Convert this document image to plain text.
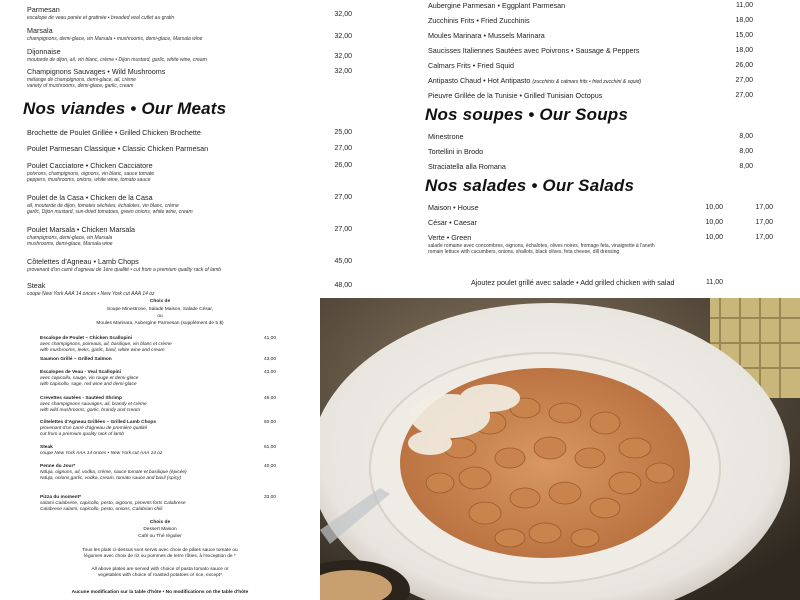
Parmesan
escalope de veau panée et gratinée • breaded veal cutlet au gratin	32,00
Marsala
champignons, demi-glace, vin Marsala • mushrooms, demi-glace, Marsala wine	32,00
Dijonnaise
moutarde de dijon, ail, vin blanc, crème • Dijon mustard, garlic, white wine, cream	32,00
Champignons Sauvages • Wild Mushrooms
mélange de champignons, demi-glace, ail, crème
variety of mushrooms, demi-glace, garlic, cream
32,00
Nos viandes • Our Meats
Brochette de Poulet Grillée • Grilled Chicken Brochette	25,00
Poulet Parmesan Classique • Classic Chicken Parmesan	27,00
Poulet Cacciatore • Chicken Cacciatore
poivrons, champignons, oignons, vin blanc, sauce tomate
peppers, mushrooms, onions, white wine, tomato sauce
26,00
Poulet de la Casa • Chicken de la Casa
ail, moutarde de dijon, tomates séchées, échalotes, vin blanc, crème
garlic, Dijon mustard, sun-dried tomatoes, green onions, white wine, cream
27,00
Poulet Marsala • Chicken Marsala
champignons, demi-glace, vin Marsala
mushrooms, demi-glace, Marsala wine
27,00
Côtelettes d'Agneau • Lamb Chops
provenant d'un carré d'agneau de 1ère qualité • cut from a premium quality rack of lamb
45,00
Steak
coupe New York AAA 14 onces • New York cut AAA 14 oz
48,00
Aubergine Parmesan • Eggplant Parmesan	11,00
Zucchinis Frits • Fried Zucchinis	18,00
Moules Marinara • Mussels Marinara	15,00
Saucisses Italiennes Sautées avec Poivrons • Sausage & Peppers	18,00
Calmars Frits • Fried Squid	26,00
Antipasto Chaud • Hot Antipasto (zucchinis & calmars frits • fried zucchini & squid)	27,00
Pieuvre Grillée de la Tunisie • Grilled Tunisian Octopus	27,00
Nos soupes • Our Soups
Minestrone	8,00
Tortellini in Brodo	8,00
Straciatella alla Romana	8,00
Nos salades • Our Salads
Maison • House	10,00	17,00
César • Caesar	10,00	17,00
Verte • Green
salade romaine avec concombres, oignons, échalotes, olives noires, fromage feta, vinaigrette à l'aneth
romain lettuce with cucumbers, onions, shallots, black olives, feta cheese, dill dressing
10,00	17,00
Ajoutez poulet grillé avec salade • Add grilled chicken with salad	11,00
Choix de
Soupe Minestrone, Salade Maison, Salade César,
ou
Moules Marinara, Aubergine Parmesan (supplément de 5 $)
Escalope de Poulet – Chicken Scallopini
avec champignons, poireaux, ail, basilique, vin blanc et crème
with mushrooms, leeks, garlic, basil, white wine and cream
41,00
Saumon Grillé – Grilled Salmon	43,00
Escalopes de Veau - Veal Scallopini
avec capicollo, sauge, vin rouge et demi-glace
with capicollo, sage, red wine and demi-glace
43,00
Crevettes sautées - Sautéed Shrimp
avec champignons sauvages, ail, brandy et crème
with wild mushrooms, garlic, brandy and cream
46,00
Côtelettes d'Agneau Grillées – Grilled Lamb Chops
provenant d'un carré d'agneau de première qualité
cut from a premium quality rack of lamb
60,00
Steak
coupe New York AAA 14 onces • New York cut AAA 14 oz
61,00
Penne du Jour*
Nduja, oignons, ail, vodka, crème, sauce tomate et basilique (épicée)
Nduja, onions,garlic, vodka, cream, tomato sauce and basil (spicy)
40,00
Pizza du moment*
salami Calabrese, capicollo, pesto, oignons, piments forts Calabrese
Calabrese salami, capicollo, pesto, onions, Calabrian chili
33,00
Choix de
Dessert Maison
Café ou Thé régulier
Tous les plats ci-dessus sont servis avec choix de pâtes sauce tomate ou
légumes avec choix de riz ou pommes de terre rôties, à l'exception de *
All above plates are served with choice of pasta tomato sauce or
vegetables with choice of roasted potatoes or rice, except*
Aucune modification sur la table d'hôte • No modifications on the table d'hôte
